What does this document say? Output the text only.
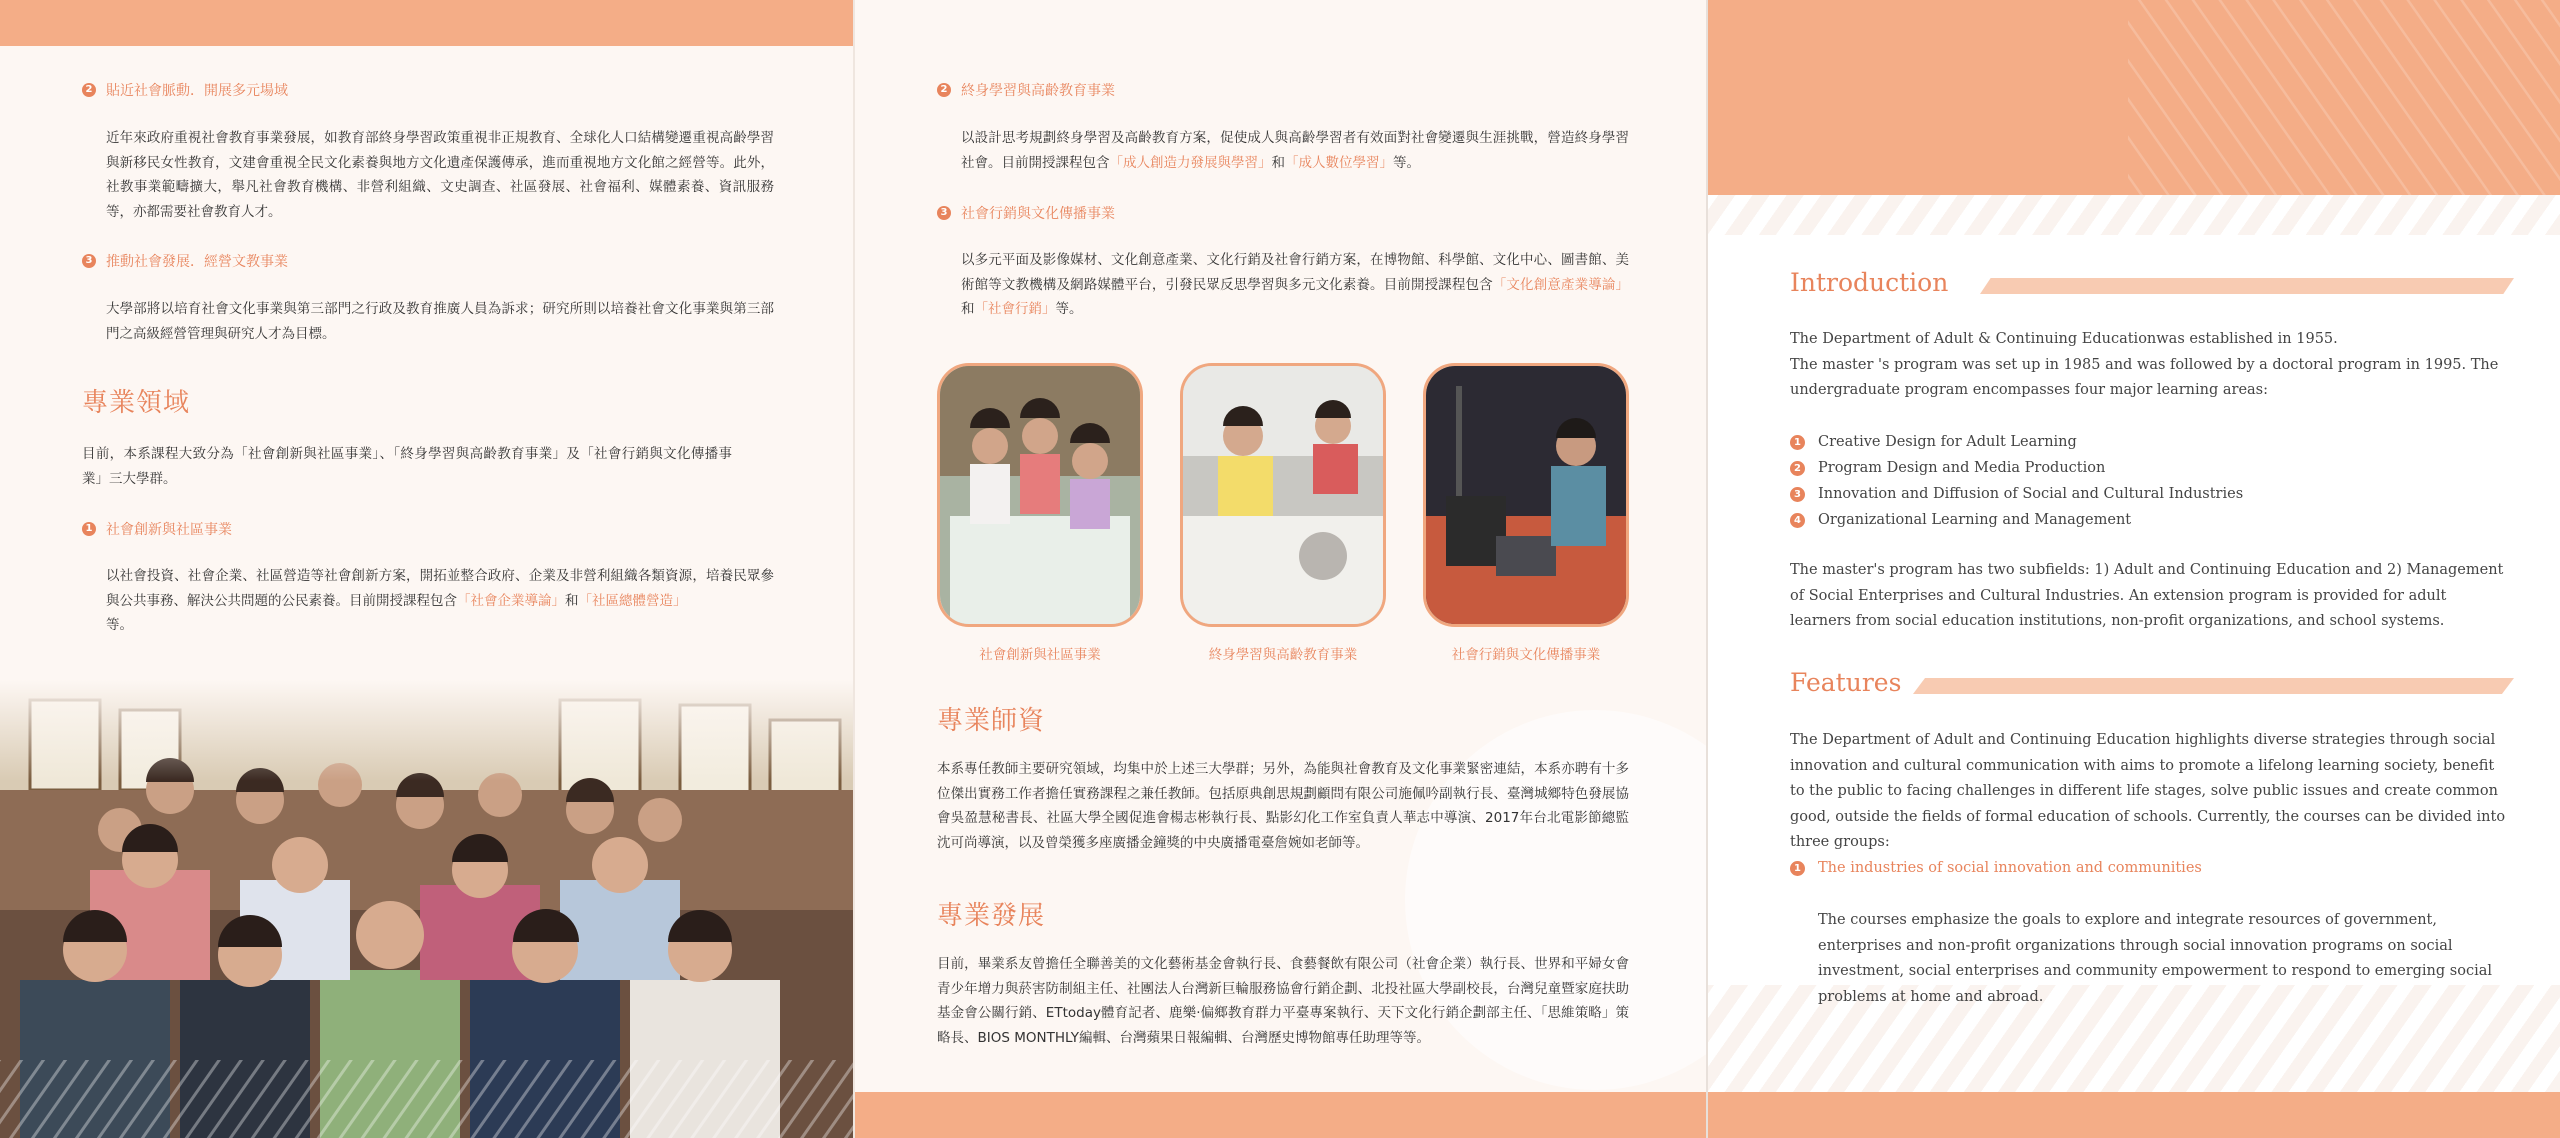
2 貼近社會脈動．開展多元場域
近年來政府重視社會教育事業發展，如教育部終身學習政策重視非正規教育、全球化人口結構變遷重視高齡學習與新移民女性教育，文建會重視全民文化素養與地方文化遺產保護傳承，進而重視地方文化館之經營等。此外，社教事業範疇擴大，舉凡社會教育機構、非營利組織、文史調查、社區發展、社會福利、媒體素養、資訊服務等，亦都需要社會教育人才。
3 推動社會發展．經營文教事業
大學部將以培育社會文化事業與第三部門之行政及教育推廣人員為訴求；研究所則以培養社會文化事業與第三部門之高級經營管理與研究人才為目標。
專業領域
目前，本系課程大致分為「社會創新與社區事業」、「終身學習與高齡教育事業」及「社會行銷與文化傳播事業」三大學群。
1 社會創新與社區事業
以社會投資、社會企業、社區營造等社會創新方案，開拓並整合政府、企業及非營利組織各類資源，培養民眾參與公共事務、解決公共問題的公民素養。目前開授課程包含「社會企業導論」和「社區總體營造」
等。
2 終身學習與高齡教育事業
以設計思考規劃終身學習及高齡教育方案，促使成人與高齡學習者有效面對社會變遷與生涯挑戰，營造終身學習社會。目前開授課程包含「成人創造力發展與學習」和「成人數位學習」等。
3 社會行銷與文化傳播事業
以多元平面及影像媒材、文化創意產業、文化行銷及社會行銷方案，在博物館、科學館、文化中心、圖書館、美術館等文教機構及網路媒體平台，引發民眾反思學習與多元文化素養。目前開授課程包含「文化創意產業導論」和「社會行銷」等。
社會創新與社區事業	終身學習與高齡教育事業	社會行銷與文化傳播事業
專業師資
本系專任教師主要研究領域，均集中於上述三大學群；另外，為能與社會教育及文化事業緊密連結，本系亦聘有十多位傑出實務工作者擔任實務課程之兼任教師。包括原典創思規劃顧問有限公司施佩吟副執行長、臺灣城鄉特色發展協會吳盈慧秘書長、社區大學全國促進會楊志彬執行長、點影幻化工作室負責人華志中導演、2017年台北電影節總監沈可尚導演，以及曾榮獲多座廣播金鐘獎的中央廣播電臺詹婉如老師等。
專業發展
目前，畢業系友曾擔任全聯善美的文化藝術基金會執行長、食藝餐飲有限公司（社會企業）執行長、世界和平婦女會青少年增力與菸害防制組主任、社團法人台灣新巨輪服務協會行銷企劃、北投社區大學副校長，台灣兒童暨家庭扶助基金會公關行銷、ETtoday體育記者、鹿樂·偏鄉教育群力平臺專案執行、天下文化行銷企劃部主任、「思維策略」策略長、BIOS MONTHLY編輯、台灣蘋果日報編輯、台灣歷史博物館專任助理等等。
Introduction
The Department of Adult & Continuing Educationwas established in 1955.
The master 's program was set up in 1985 and was followed by a doctoral program in 1995. The
undergraduate program encompasses four major learning areas:
1 Creative Design for Adult Learning
2 Program Design and Media Production
3 Innovation and Diffusion of Social and Cultural Industries
4 Organizational Learning and Management
The master's program has two subfields: 1) Adult and Continuing Education and 2) Management of Social Enterprises and Cultural Industries. An extension program is provided for adult learners from social education institutions, non-profit organizations, and school systems.
Features
The Department of Adult and Continuing Education highlights diverse strategies through social innovation and cultural communication with aims to promote a lifelong learning society, benefit to the public to facing challenges in different life stages, solve public issues and create common good, outside the fields of formal education of schools. Currently, the courses can be divided into three groups:
1 The industries of social innovation and communities
The courses emphasize the goals to explore and integrate resources of government, enterprises and non-profit organizations through social innovation programs on social investment, social enterprises and community empowerment to respond to emerging social problems at home and abroad.
